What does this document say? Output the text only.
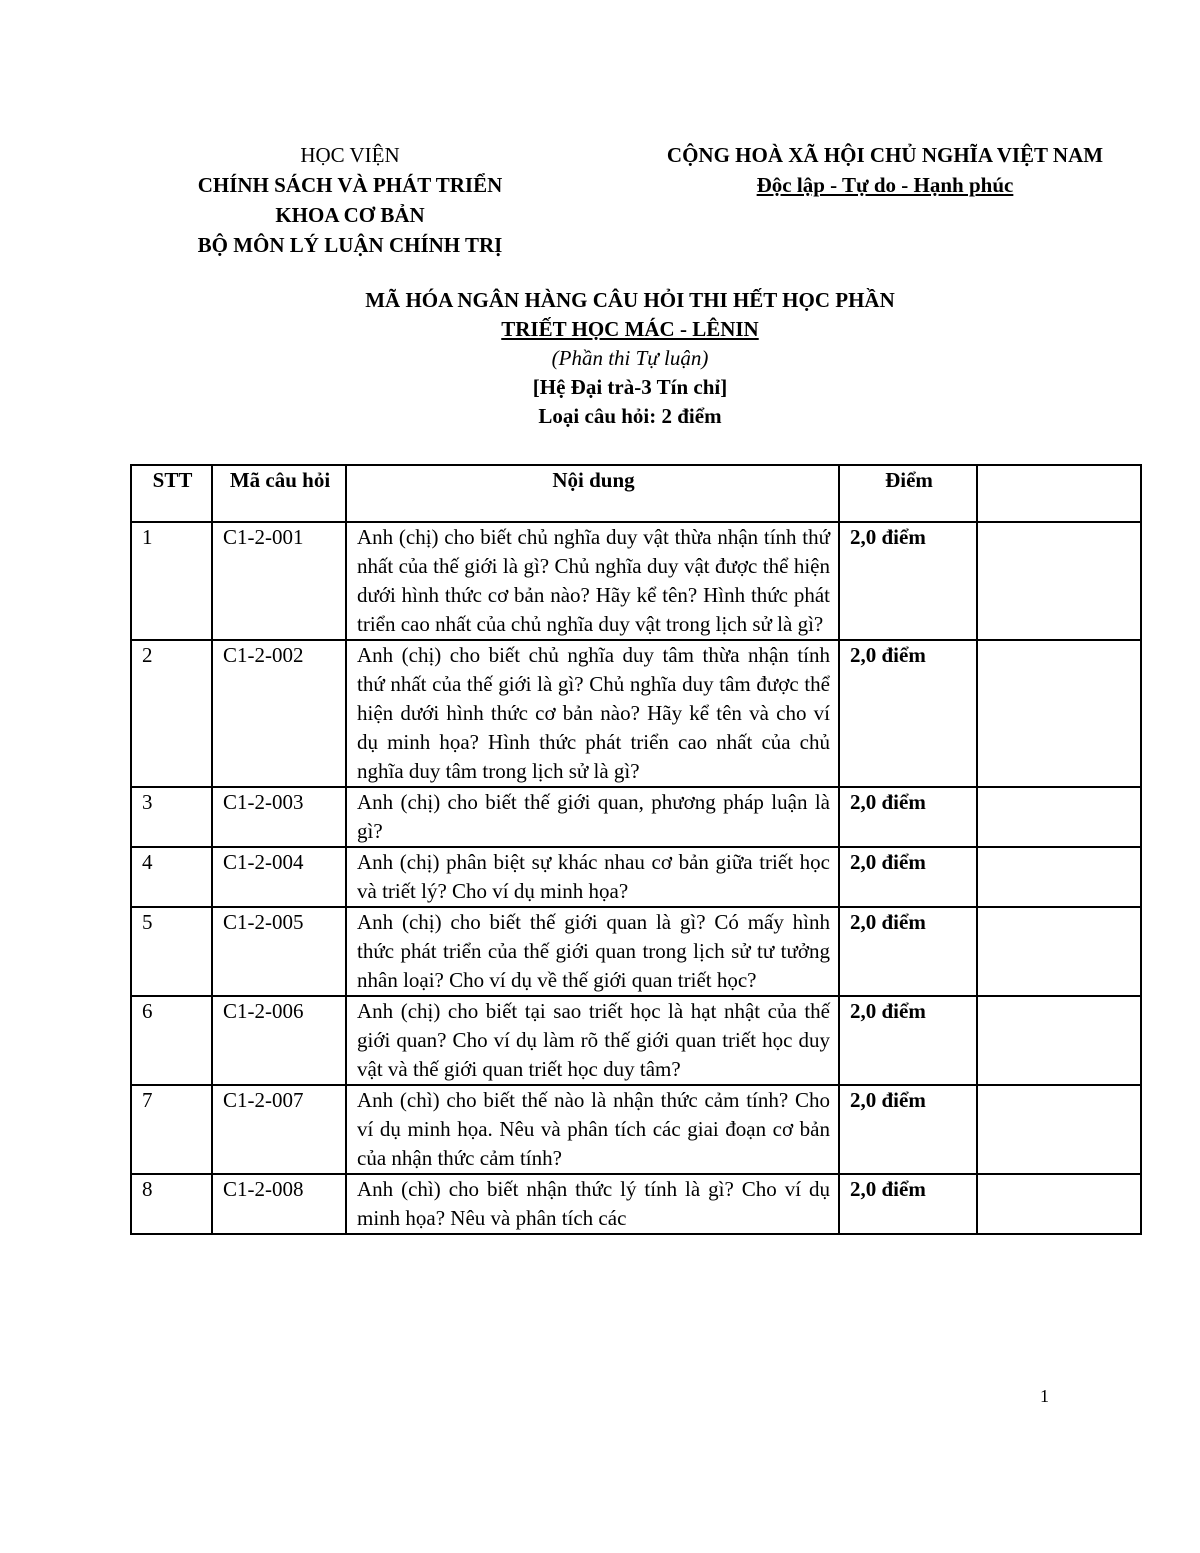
HỌC VIỆN
CHÍNH SÁCH VÀ PHÁT TRIỂN
KHOA CƠ BẢN
BỘ MÔN LÝ LUẬN CHÍNH TRỊ
CỘNG HOÀ XÃ HỘI CHỦ NGHĨA VIỆT NAM
Độc lập - Tự do - Hạnh phúc
MÃ HÓA NGÂN HÀNG CÂU HỎI THI HẾT HỌC PHẦN
TRIẾT HỌC MÁC - LÊNIN
(Phần thi Tự luận)
[Hệ Đại trà-3 Tín chỉ]
Loại câu hỏi: 2 điểm
STT	Mã câu hỏi	Nội dung	Điểm	
1	C1-2-001	Anh (chị) cho biết chủ nghĩa duy vật thừa nhận tính thứ nhất của thế giới là gì? Chủ nghĩa duy vật được thể hiện dưới hình thức cơ bản nào? Hãy kể tên? Hình thức phát triển cao nhất của chủ nghĩa duy vật trong lịch sử là gì?	2,0 điểm	
2	C1-2-002	Anh (chị) cho biết chủ nghĩa duy tâm thừa nhận tính thứ nhất của thế giới là gì? Chủ nghĩa duy tâm được thể hiện dưới hình thức cơ bản nào? Hãy kể tên và cho ví dụ minh họa? Hình thức phát triển cao nhất của chủ nghĩa duy tâm trong lịch sử là gì?	2,0 điểm	
3	C1-2-003	Anh (chị) cho biết thế giới quan, phương pháp luận là gì?	2,0 điểm	
4	C1-2-004	Anh (chị) phân biệt sự khác nhau cơ bản giữa triết học và triết lý? Cho ví dụ minh họa?	2,0 điểm	
5	C1-2-005	Anh (chị) cho biết thế giới quan là gì? Có mấy hình thức phát triển của thế giới quan trong lịch sử tư tưởng nhân loại? Cho ví dụ về thế giới quan triết học?	2,0 điểm	
6	C1-2-006	Anh (chị) cho biết tại sao triết học là hạt nhật của thế giới quan? Cho ví dụ làm rõ thế giới quan triết học duy vật và thế giới quan triết học duy tâm?	2,0 điểm	
7	C1-2-007	Anh (chì) cho biết thế nào là nhận thức cảm tính? Cho ví dụ minh họa. Nêu và phân tích các giai đoạn cơ bản của nhận thức cảm tính?	2,0 điểm	
8	C1-2-008	Anh (chì) cho biết nhận thức lý tính là gì? Cho ví dụ minh họa? Nêu và phân tích các	2,0 điểm	
1
